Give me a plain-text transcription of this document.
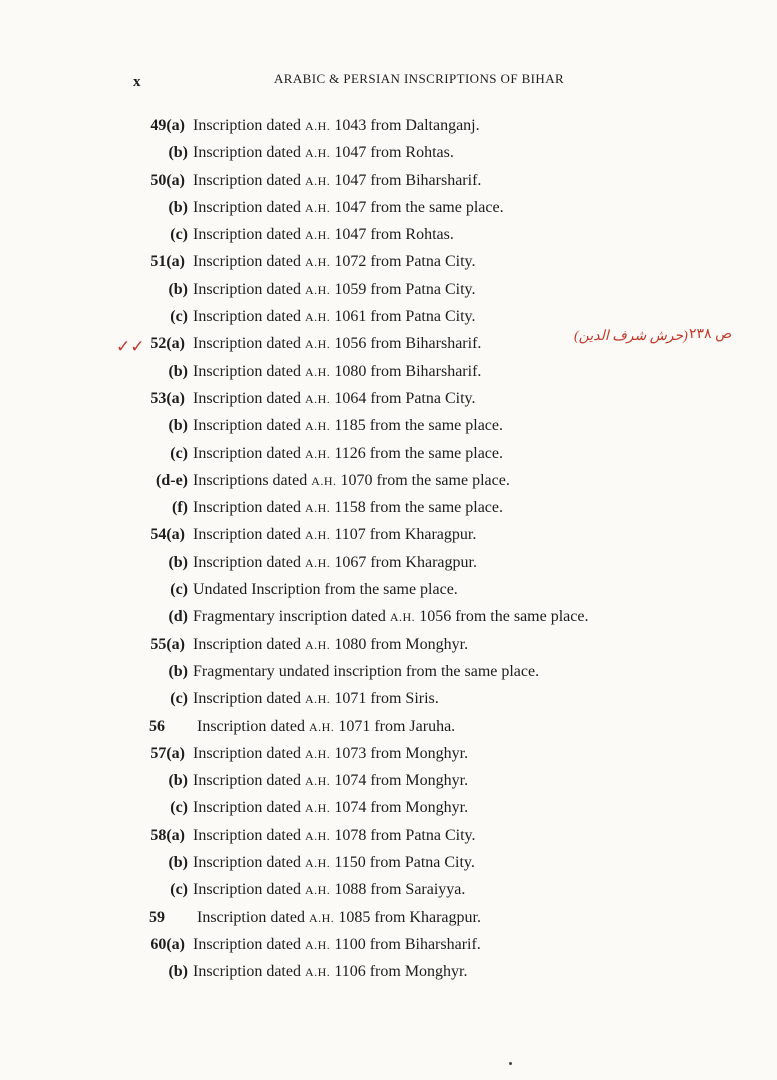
x	ARABIC & PERSIAN INSCRIPTIONS OF BIHAR
49(a) Inscription dated A.H. 1043 from Daltanganj.
(b) Inscription dated A.H. 1047 from Rohtas.
50(a) Inscription dated A.H. 1047 from Biharsharif.
(b) Inscription dated A.H. 1047 from the same place.
(c) Inscription dated A.H. 1047 from Rohtas.
51(a) Inscription dated A.H. 1072 from Patna City.
(b) Inscription dated A.H. 1059 from Patna City.
(c) Inscription dated A.H. 1061 from Patna City.
52(a) Inscription dated A.H. 1056 from Biharsharif.
(b) Inscription dated A.H. 1080 from Biharsharif.
53(a) Inscription dated A.H. 1064 from Patna City.
(b) Inscription dated A.H. 1185 from the same place.
(c) Inscription dated A.H. 1126 from the same place.
(d-e) Inscriptions dated A.H. 1070 from the same place.
(f) Inscription dated A.H. 1158 from the same place.
54(a) Inscription dated A.H. 1107 from Kharagpur.
(b) Inscription dated A.H. 1067 from Kharagpur.
(c) Undated Inscription from the same place.
(d) Fragmentary inscription dated A.H. 1056 from the same place.
55(a) Inscription dated A.H. 1080 from Monghyr.
(b) Fragmentary undated inscription from the same place.
(c) Inscription dated A.H. 1071 from Siris.
56 Inscription dated A.H. 1071 from Jaruha.
57(a) Inscription dated A.H. 1073 from Monghyr.
(b) Inscription dated A.H. 1074 from Monghyr.
(c) Inscription dated A.H. 1074 from Monghyr.
58(a) Inscription dated A.H. 1078 from Patna City.
(b) Inscription dated A.H. 1150 from Patna City.
(c) Inscription dated A.H. 1088 from Saraiyya.
59 Inscription dated A.H. 1085 from Kharagpur.
60(a) Inscription dated A.H. 1100 from Biharsharif.
(b) Inscription dated A.H. 1106 from Monghyr.
✓✓
(حرش شرف الدين) ۲۳۸ ص
